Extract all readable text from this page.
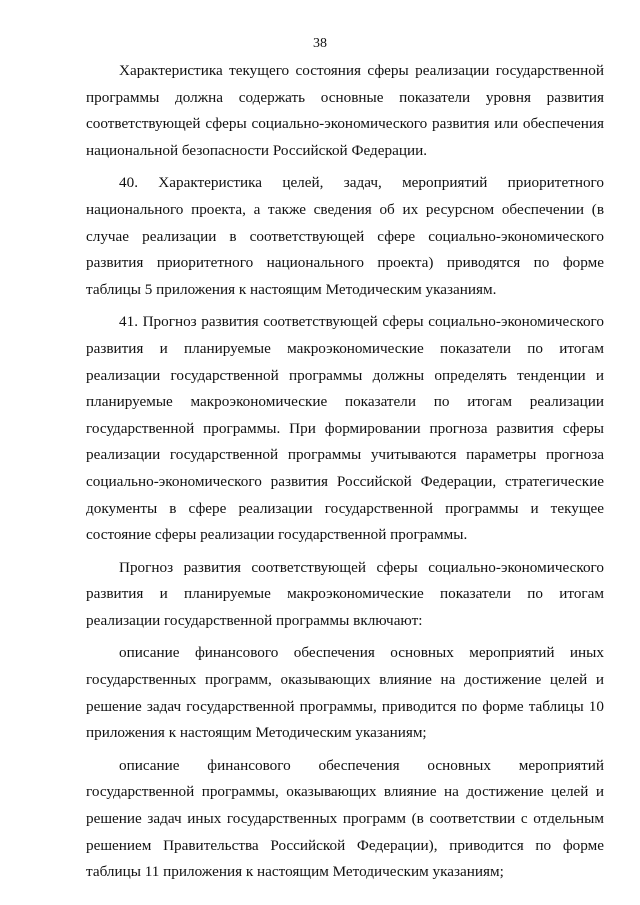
38

Характеристика текущего состояния сферы реализации государственной программы должна содержать основные показатели уровня развития соответствующей сферы социально-экономического развития или обеспечения национальной безопасности Российской Федерации.

40. Характеристика целей, задач, мероприятий приоритетного национального проекта, а также сведения об их ресурсном обеспечении (в случае реализации в соответствующей сфере социально-экономического развития приоритетного национального проекта) приводятся по форме таблицы 5 приложения к настоящим Методическим указаниям.

41. Прогноз развития соответствующей сферы социально-экономического развития и планируемые макроэкономические показатели по итогам реализации государственной программы должны определять тенденции и планируемые макроэкономические показатели по итогам реализации государственной программы. При формировании прогноза развития сферы реализации государственной программы учитываются параметры прогноза социально-экономического развития Российской Федерации, стратегические документы в сфере реализации государственной программы и текущее состояние сферы реализации государственной программы.

Прогноз развития соответствующей сферы социально-экономического развития и планируемые макроэкономические показатели по итогам реализации государственной программы включают:

описание финансового обеспечения основных мероприятий иных государственных программ, оказывающих влияние на достижение целей и решение задач государственной программы, приводится по форме таблицы 10 приложения к настоящим Методическим указаниям;

описание финансового обеспечения основных мероприятий государственной программы, оказывающих влияние на достижение целей и решение задач иных государственных программ (в соответствии с отдельным решением Правительства Российской Федерации), приводится по форме таблицы 11 приложения к настоящим Методическим указаниям;
